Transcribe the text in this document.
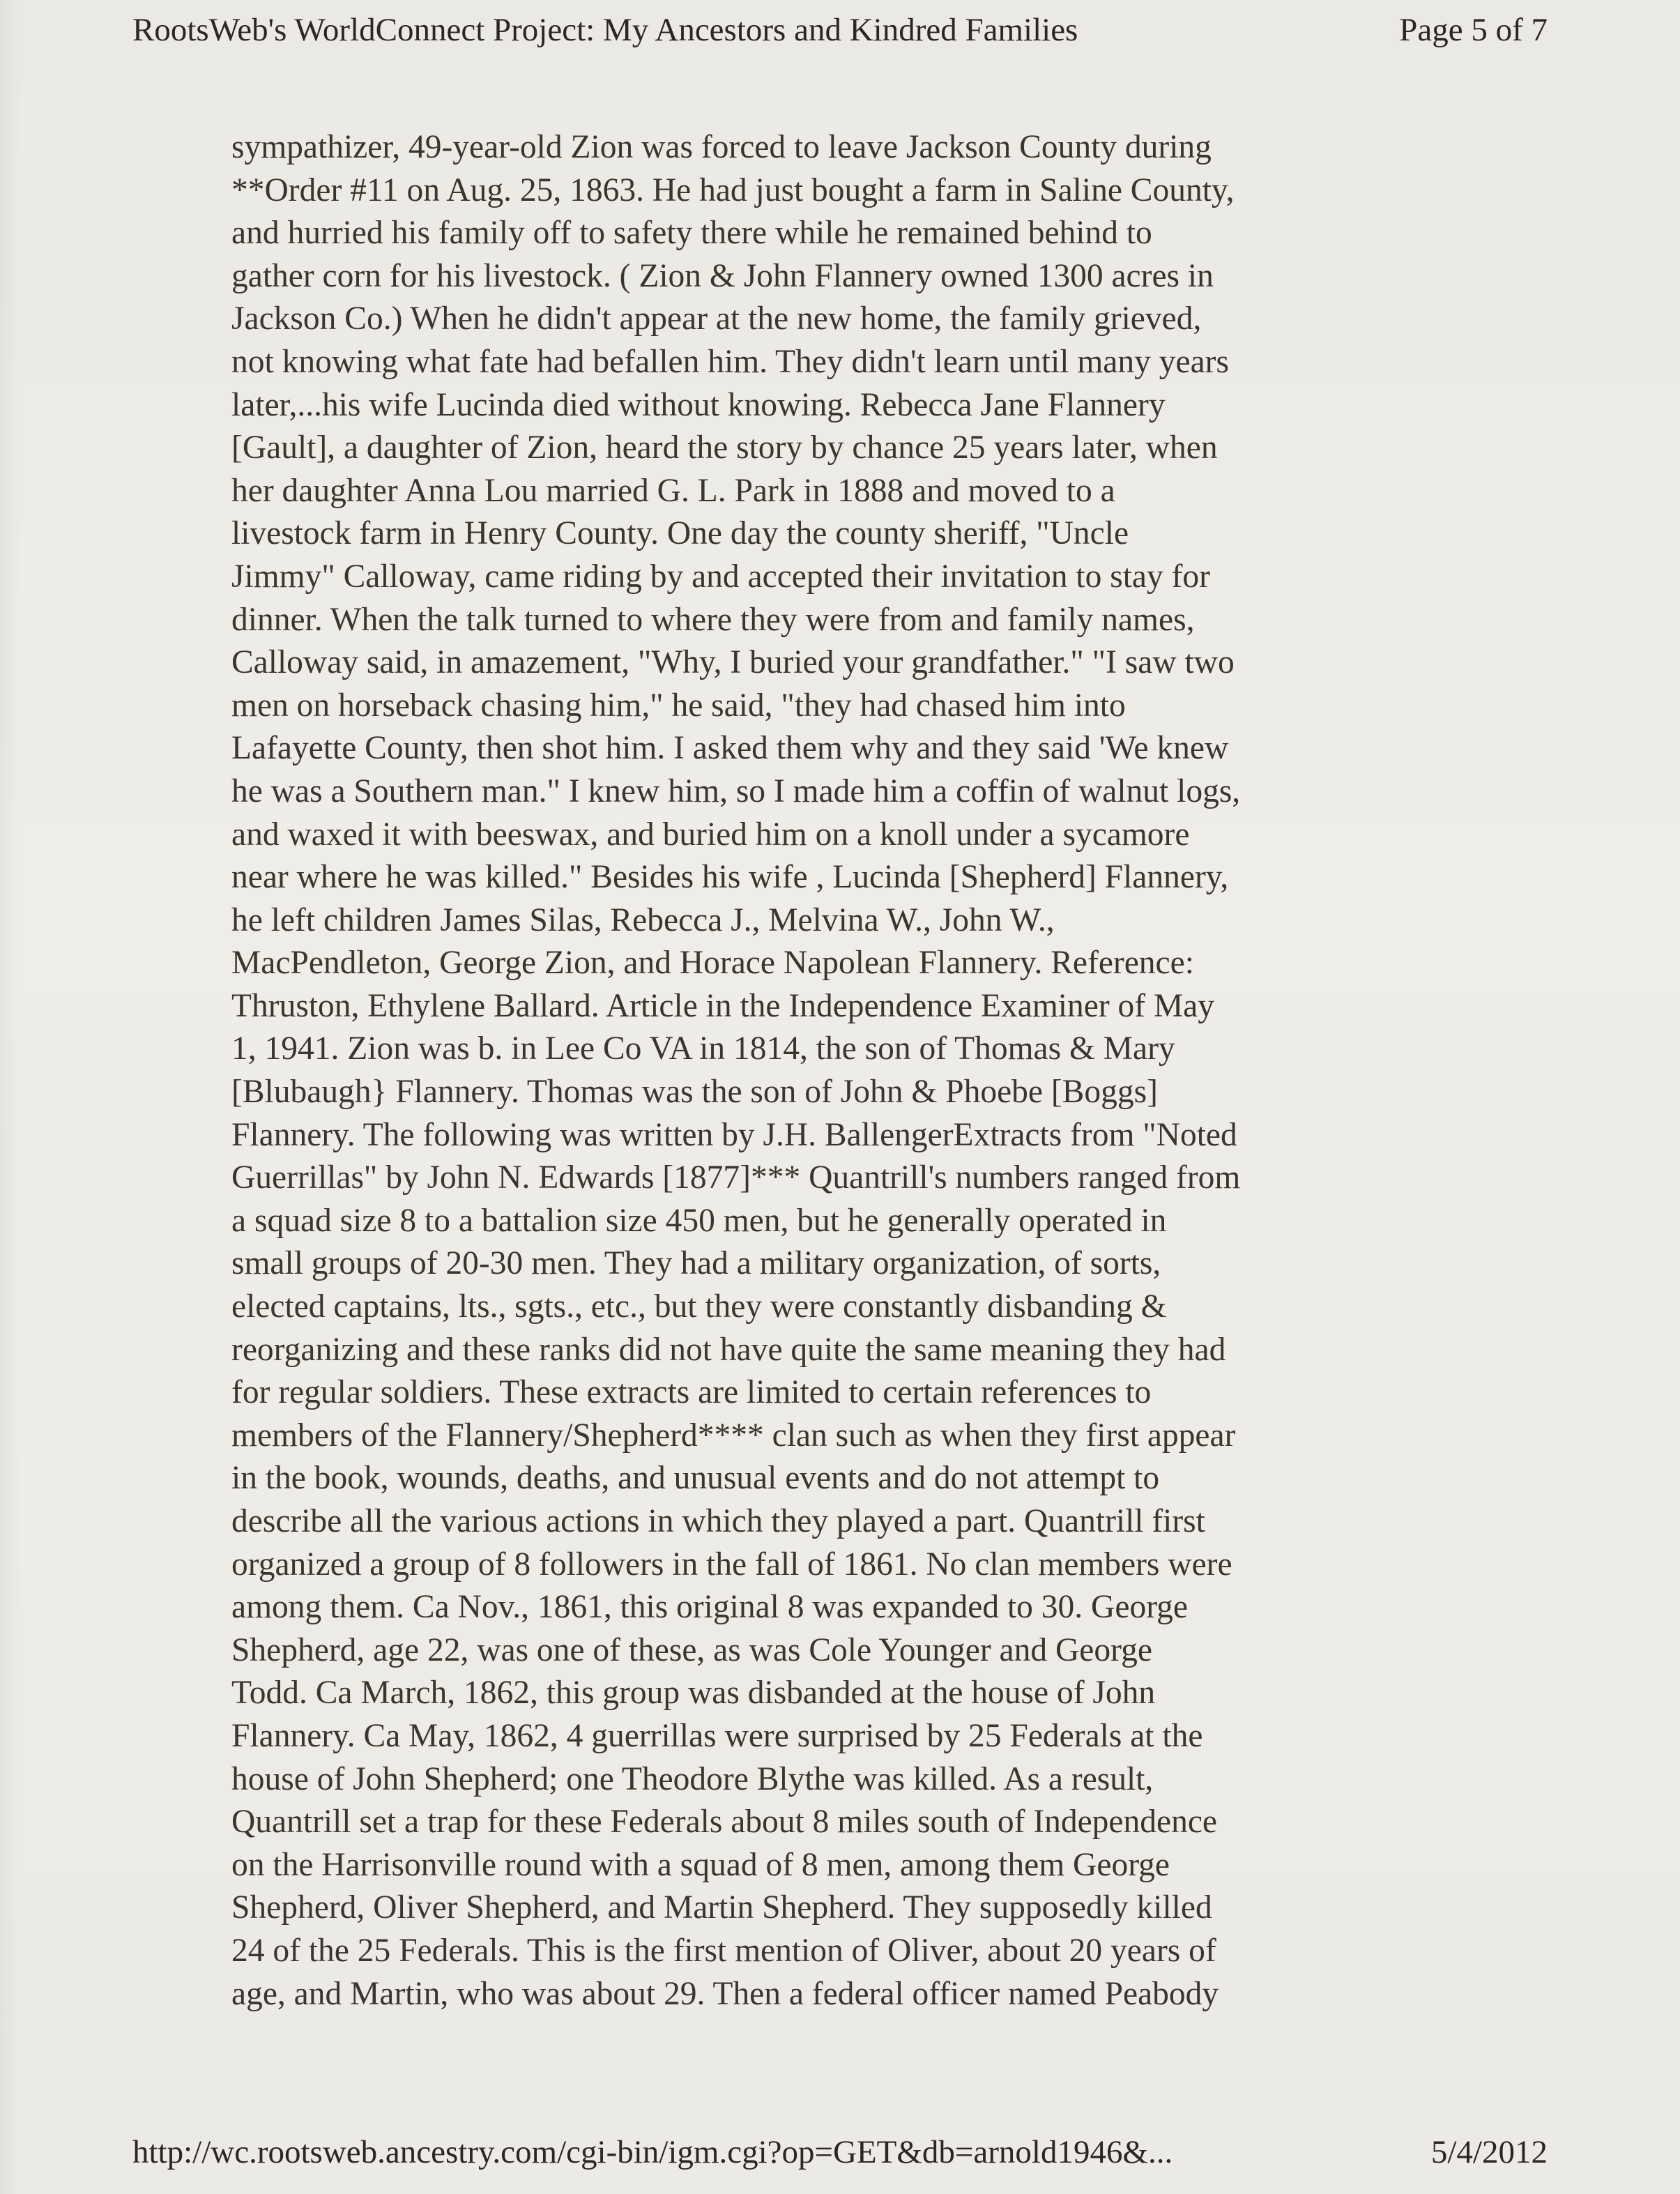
RootsWeb's WorldConnect Project: My Ancestors and Kindred Families	Page 5 of 7
sympathizer, 49-year-old Zion was forced to leave Jackson County during
**Order #11 on Aug. 25, 1863. He had just bought a farm in Saline County,
and hurried his family off to safety there while he remained behind to
gather corn for his livestock. ( Zion & John Flannery owned 1300 acres in
Jackson Co.) When he didn't appear at the new home, the family grieved,
not knowing what fate had befallen him. They didn't learn until many years
later,...his wife Lucinda died without knowing. Rebecca Jane Flannery
[Gault], a daughter of Zion, heard the story by chance 25 years later, when
her daughter Anna Lou married G. L. Park in 1888 and moved to a
livestock farm in Henry County. One day the county sheriff, "Uncle
Jimmy" Calloway, came riding by and accepted their invitation to stay for
dinner. When the talk turned to where they were from and family names,
Calloway said, in amazement, "Why, I buried your grandfather." "I saw two
men on horseback chasing him," he said, "they had chased him into
Lafayette County, then shot him. I asked them why and they said 'We knew
he was a Southern man." I knew him, so I made him a coffin of walnut logs,
and waxed it with beeswax, and buried him on a knoll under a sycamore
near where he was killed." Besides his wife , Lucinda [Shepherd] Flannery,
he left children James Silas, Rebecca J., Melvina W., John W.,
MacPendleton, George Zion, and Horace Napolean Flannery. Reference:
Thruston, Ethylene Ballard. Article in the Independence Examiner of May
1, 1941. Zion was b. in Lee Co VA in 1814, the son of Thomas & Mary
[Blubaugh} Flannery. Thomas was the son of John & Phoebe [Boggs]
Flannery. The following was written by J.H. BallengerExtracts from "Noted
Guerrillas" by John N. Edwards [1877]*** Quantrill's numbers ranged from
a squad size 8 to a battalion size 450 men, but he generally operated in
small groups of 20-30 men. They had a military organization, of sorts,
elected captains, lts., sgts., etc., but they were constantly disbanding &
reorganizing and these ranks did not have quite the same meaning they had
for regular soldiers. These extracts are limited to certain references to
members of the Flannery/Shepherd**** clan such as when they first appear
in the book, wounds, deaths, and unusual events and do not attempt to
describe all the various actions in which they played a part. Quantrill first
organized a group of 8 followers in the fall of 1861. No clan members were
among them. Ca Nov., 1861, this original 8 was expanded to 30. George
Shepherd, age 22, was one of these, as was Cole Younger and George
Todd. Ca March, 1862, this group was disbanded at the house of John
Flannery. Ca May, 1862, 4 guerrillas were surprised by 25 Federals at the
house of John Shepherd; one Theodore Blythe was killed. As a result,
Quantrill set a trap for these Federals about 8 miles south of Independence
on the Harrisonville round with a squad of 8 men, among them George
Shepherd, Oliver Shepherd, and Martin Shepherd. They supposedly killed
24 of the 25 Federals. This is the first mention of Oliver, about 20 years of
age, and Martin, who was about 29. Then a federal officer named Peabody
http://wc.rootsweb.ancestry.com/cgi-bin/igm.cgi?op=GET&db=arnold1946&...	5/4/2012
